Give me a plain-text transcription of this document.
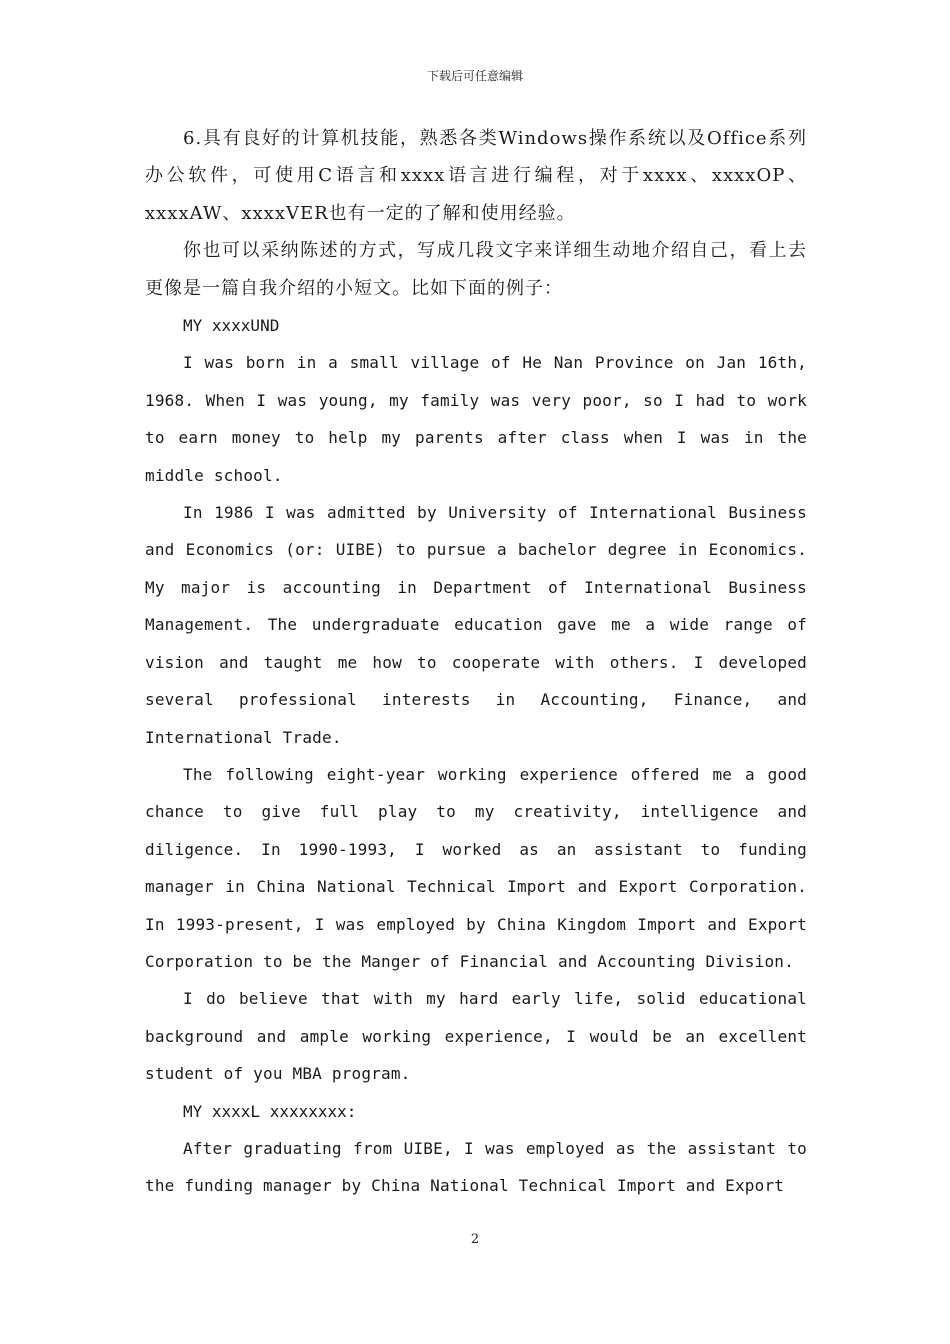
下载后可任意编辑

6.具有良好的计算机技能，熟悉各类Windows操作系统以及Office系列办公软件，可使用C语言和xxxx语言进行编程，对于xxxx、xxxxOP、xxxxAW、xxxxVER也有一定的了解和使用经验。

你也可以采纳陈述的方式，写成几段文字来详细生动地介绍自己，看上去更像是一篇自我介绍的小短文。比如下面的例子：

MY xxxxUND

I was born in a small village of He Nan Province on Jan 16th, 1968. When I was young, my family was very poor, so I had to work to earn money to help my parents after class when I was in the middle school.

In 1986 I was admitted by University of International Business and Economics (or: UIBE) to pursue a bachelor degree in Economics. My major is accounting in Department of International Business Management. The undergraduate education gave me a wide range of vision and taught me how to cooperate with others. I developed several professional interests in Accounting, Finance, and International Trade.

The following eight-year working experience offered me a good chance to give full play to my creativity, intelligence and diligence. In 1990-1993, I worked as an assistant to funding manager in China National Technical Import and Export Corporation. In 1993-present, I was employed by China Kingdom Import and Export Corporation to be the Manger of Financial and Accounting Division.

I do believe that with my hard early life, solid educational background and ample working experience, I would be an excellent student of you MBA program.

MY xxxxL xxxxxxxx:

After graduating from UIBE, I was employed as the assistant to the funding manager by China National Technical Import and Export

2
